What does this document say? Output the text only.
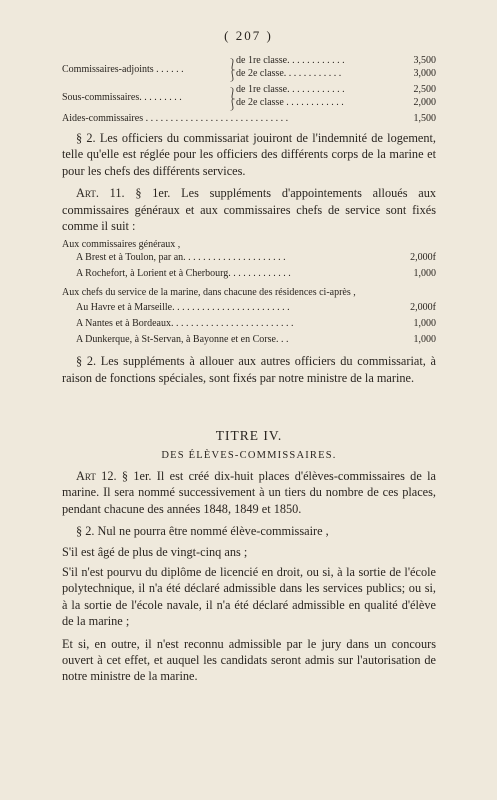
( 207 )
Commissaires-adjoints . . . . . .	⎱
⎰
de 1re classe. . . . . . . . . . . .	3,500
de 2e classe. . . . . . . . . . . .	3,000
Sous-commissaires. . . . . . . . .	⎱
⎰
de 1re classe. . . . . . . . . . . .	2,500
de 2e classe . . . . . . . . . . . .	2,000
Aides-commissaires . . . . . . . . . . . . . . . . . . . . . . . . . . . . .	1,500

§ 2. Les officiers du commissariat jouiront de l'indemnité de logement, telle qu'elle est réglée pour les officiers des différents corps de la marine et pour les chefs des différents services.

Art. 11. § 1er. Les suppléments d'appointements alloués aux commissaires généraux et aux commissaires chefs de service sont fixés comme il suit :

Aux commissaires généraux ,
A Brest et à Toulon, par an. . . . . . . . . . . . . . . . . . . . .	2,000f
A Rochefort, à Lorient et à Cherbourg. . . . . . . . . . . . .	1,000
Aux chefs du service de la marine, dans chacune des résidences ci-après ,
Au Havre et à Marseille. . . . . . . . . . . . . . . . . . . . . . . .	2,000f
A Nantes et à Bordeaux. . . . . . . . . . . . . . . . . . . . . . . . .	1,000
A Dunkerque, à St-Servan, à Bayonne et en Corse. . .	1,000

§ 2. Les suppléments à allouer aux autres officiers du commissariat, à raison de fonctions spéciales, sont fixés par notre ministre de la marine.

TITRE IV.
DES ÉLÈVES-COMMISSAIRES.

Art 12. § 1er. Il est créé dix-huit places d'élèves-commissaires de la marine. Il sera nommé successivement à un tiers du nombre de ces places, pendant chacune des années 1848, 1849 et 1850.

§ 2. Nul ne pourra être nommé élève-commissaire ,

S'il est âgé de plus de vingt-cinq ans ;

S'il n'est pourvu du diplôme de licencié en droit, ou si, à la sortie de l'école polytechnique, il n'a été déclaré admissible dans les services publics; ou si, à la sortie de l'école navale, il n'a été déclaré admissible en qualité d'élève de la marine ;

Et si, en outre, il n'est reconnu admissible par le jury dans un concours ouvert à cet effet, et auquel les candidats seront admis sur l'autorisation de notre ministre de la marine.
